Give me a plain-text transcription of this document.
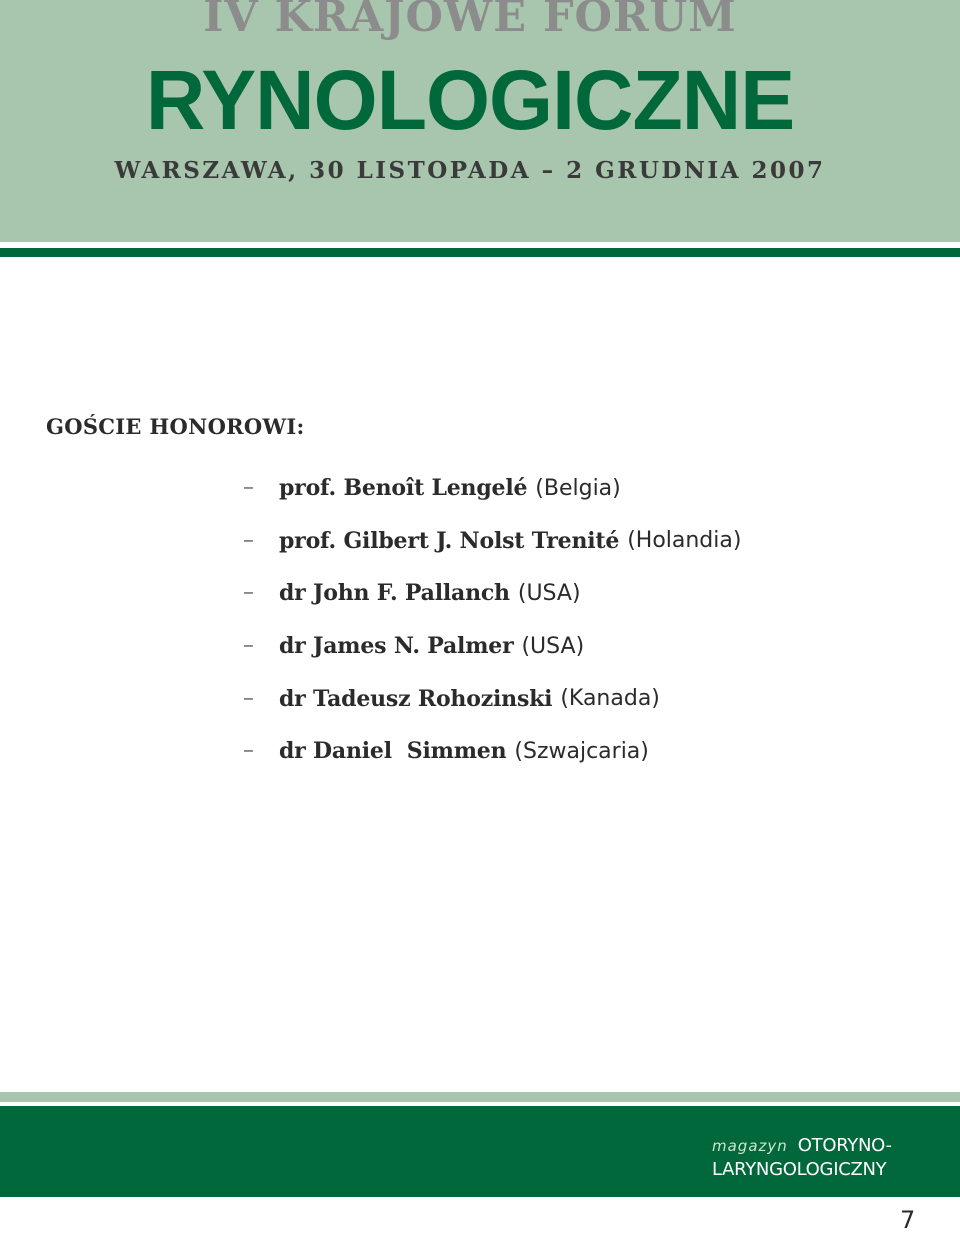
IV KRAJOWE FORUM
RYNOLOGICZNE
WARSZAWA, 30 LISTOPADA – 2 GRUDNIA 2007
GOŚCIE HONOROWI:
–	prof. Benoît Lengelé (Belgia)
–	prof. Gilbert J. Nolst Trenité (Holandia)
–	dr John F. Pallanch (USA)
–	dr James N. Palmer (USA)
–	dr Tadeusz Rohozinski (Kanada)
–	dr Daniel  Simmen (Szwajcaria)
magazyn OTORYNO-
LARYNGOLOGICZNY
7
